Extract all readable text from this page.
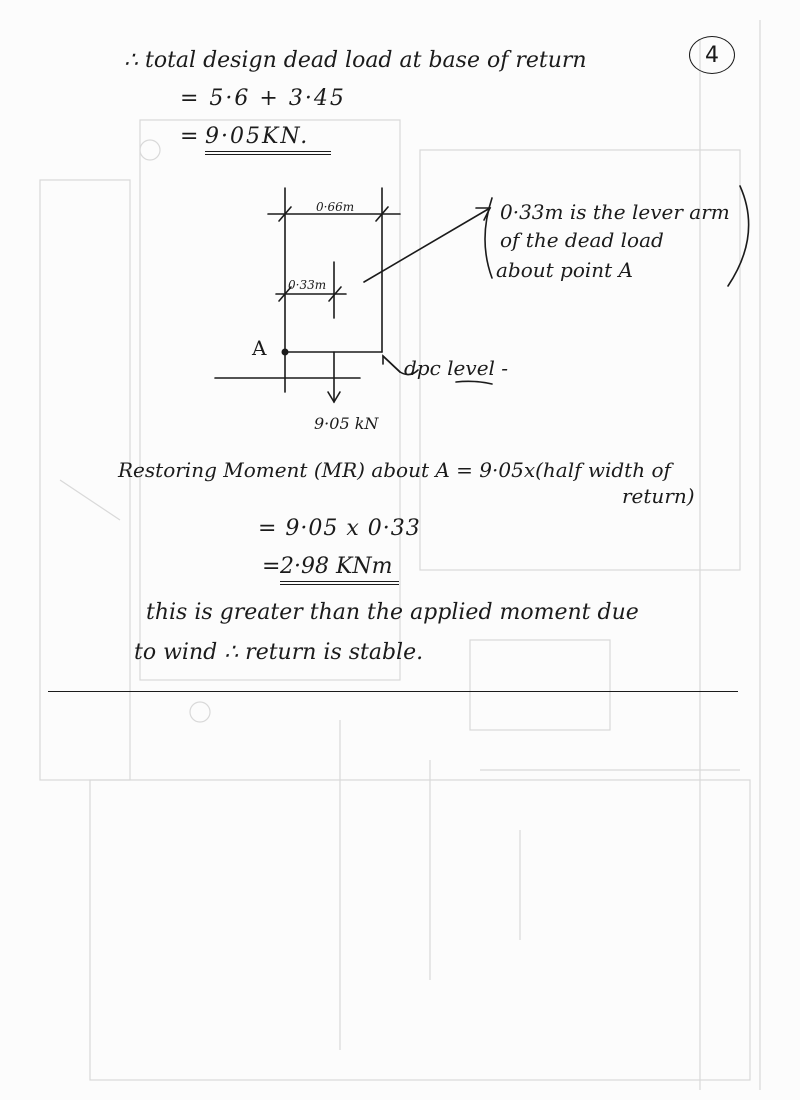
4
∴ total design dead load at base of return
= 5·6 + 3·45
= 9·05KN.
0·66m
0·33m
A
dpc level -
9·05 kN
0·33m is the lever arm
of the dead load
about point A
Restoring Moment (MR) about A = 9·05x(half width of
return)
= 9·05 x 0·33
= 2·98 KNm
this is greater than the applied moment due
to wind ∴ return is stable.
